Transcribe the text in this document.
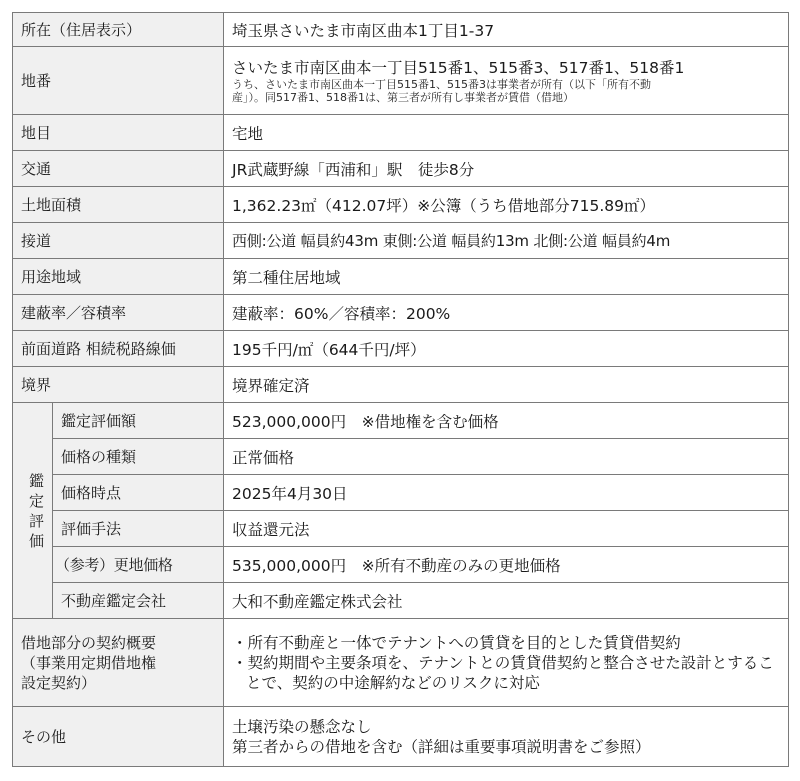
所在（住居表示）		埼玉県さいたま市南区曲本1丁目1-37
地番		さいたま市南区曲本一丁目515番1、515番3、517番1、518番1
うち、さいたま市南区曲本一丁目515番1、515番3は事業者が所有（以下「所有不動
産」）。同517番1、518番1は、第三者が所有し事業者が賃借（借地）

地目		宅地
交通		JR武蔵野線「西浦和」駅　徒歩8分
土地面積		1,362.23㎡（412.07坪）※公簿（うち借地部分715.89㎡）
接道		西側:公道 幅員約43m 東側:公道 幅員約13m 北側:公道 幅員約4m
用途地域		第二種住居地域
建蔽率／容積率		建蔽率：60%／容積率：200%
前面道路 相続税路線価		195千円/㎡（644千円/坪）
境界		境界確定済

鑑
定
評
価	鑑定評価額	523,000,000円　※借地権を含む価格
	価格の種類	正常価格
	価格時点	2025年4月30日
	評価手法	収益還元法
	（参考）更地価格	535,000,000円　※所有不動産のみの更地価格
	不動産鑑定会社	大和不動産鑑定株式会社

借地部分の契約概要
（事業用定期借地権
設定契約）		・所有不動産と一体でテナントへの賃貸を目的とした賃貸借契約
・契約期間や主要条項を、テナントとの賃貸借契約と整合させた設計とすることで、契約の中途解約などのリスクに対応

その他		土壌汚染の懸念なし
第三者からの借地を含む（詳細は重要事項説明書をご参照）
